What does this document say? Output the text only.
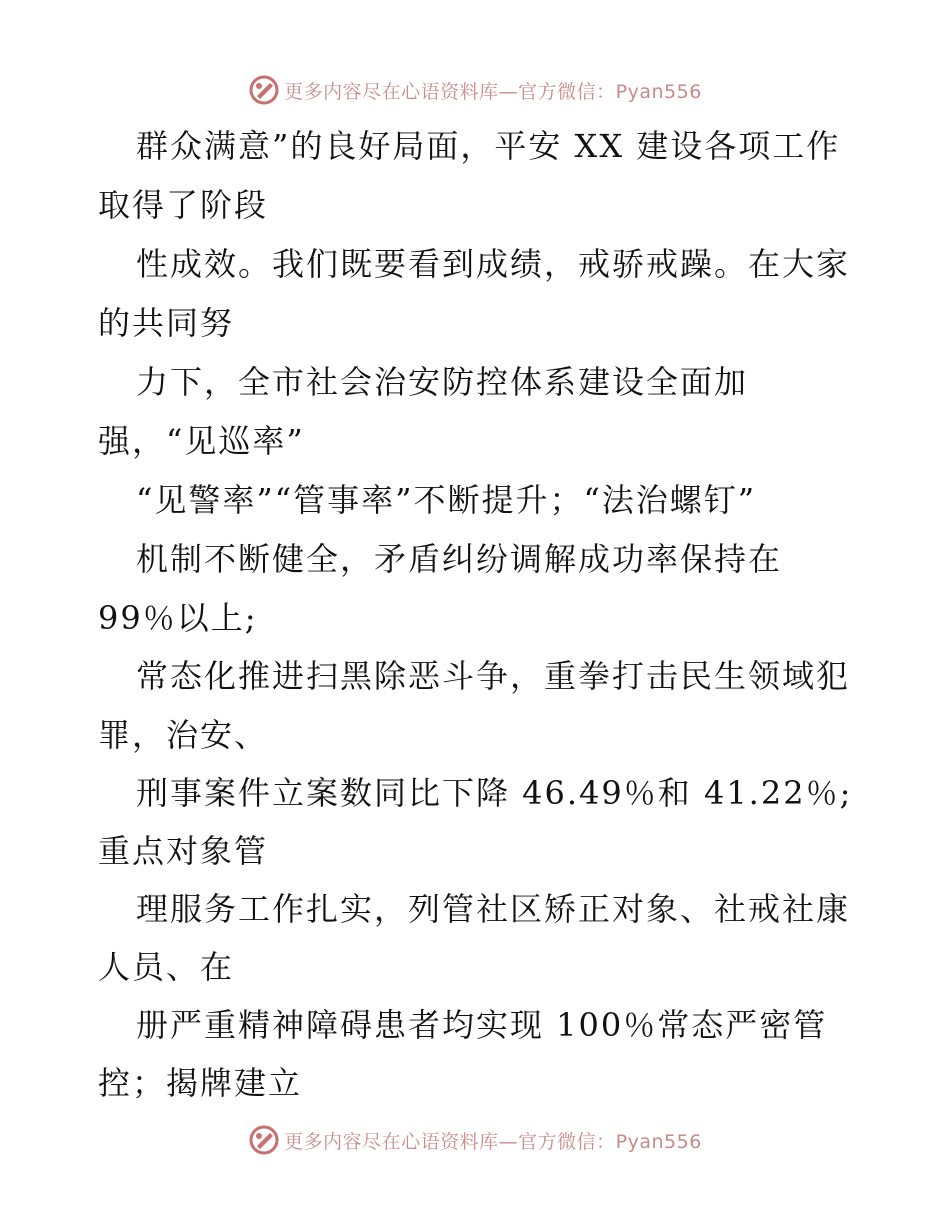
更多内容尽在心语资料库—官方微信：Pyan556
群众满意”的良好局面，平安 XX 建设各项工作
取得了阶段
性成效。我们既要看到成绩，戒骄戒躁。在大家
的共同努
力下，全市社会治安防控体系建设全面加
强，“见巡率”
“见警率”“管事率”不断提升；“法治螺钉”
机制不断健全，矛盾纠纷调解成功率保持在
99％以上;
常态化推进扫黑除恶斗争，重拳打击民生领域犯
罪，治安、
刑事案件立案数同比下降 46.49％和 41.22％;
重点对象管
理服务工作扎实，列管社区矫正对象、社戒社康
人员、在
册严重精神障碍患者均实现 100％常态严密管
控；揭牌建立
更多内容尽在心语资料库—官方微信：Pyan556
